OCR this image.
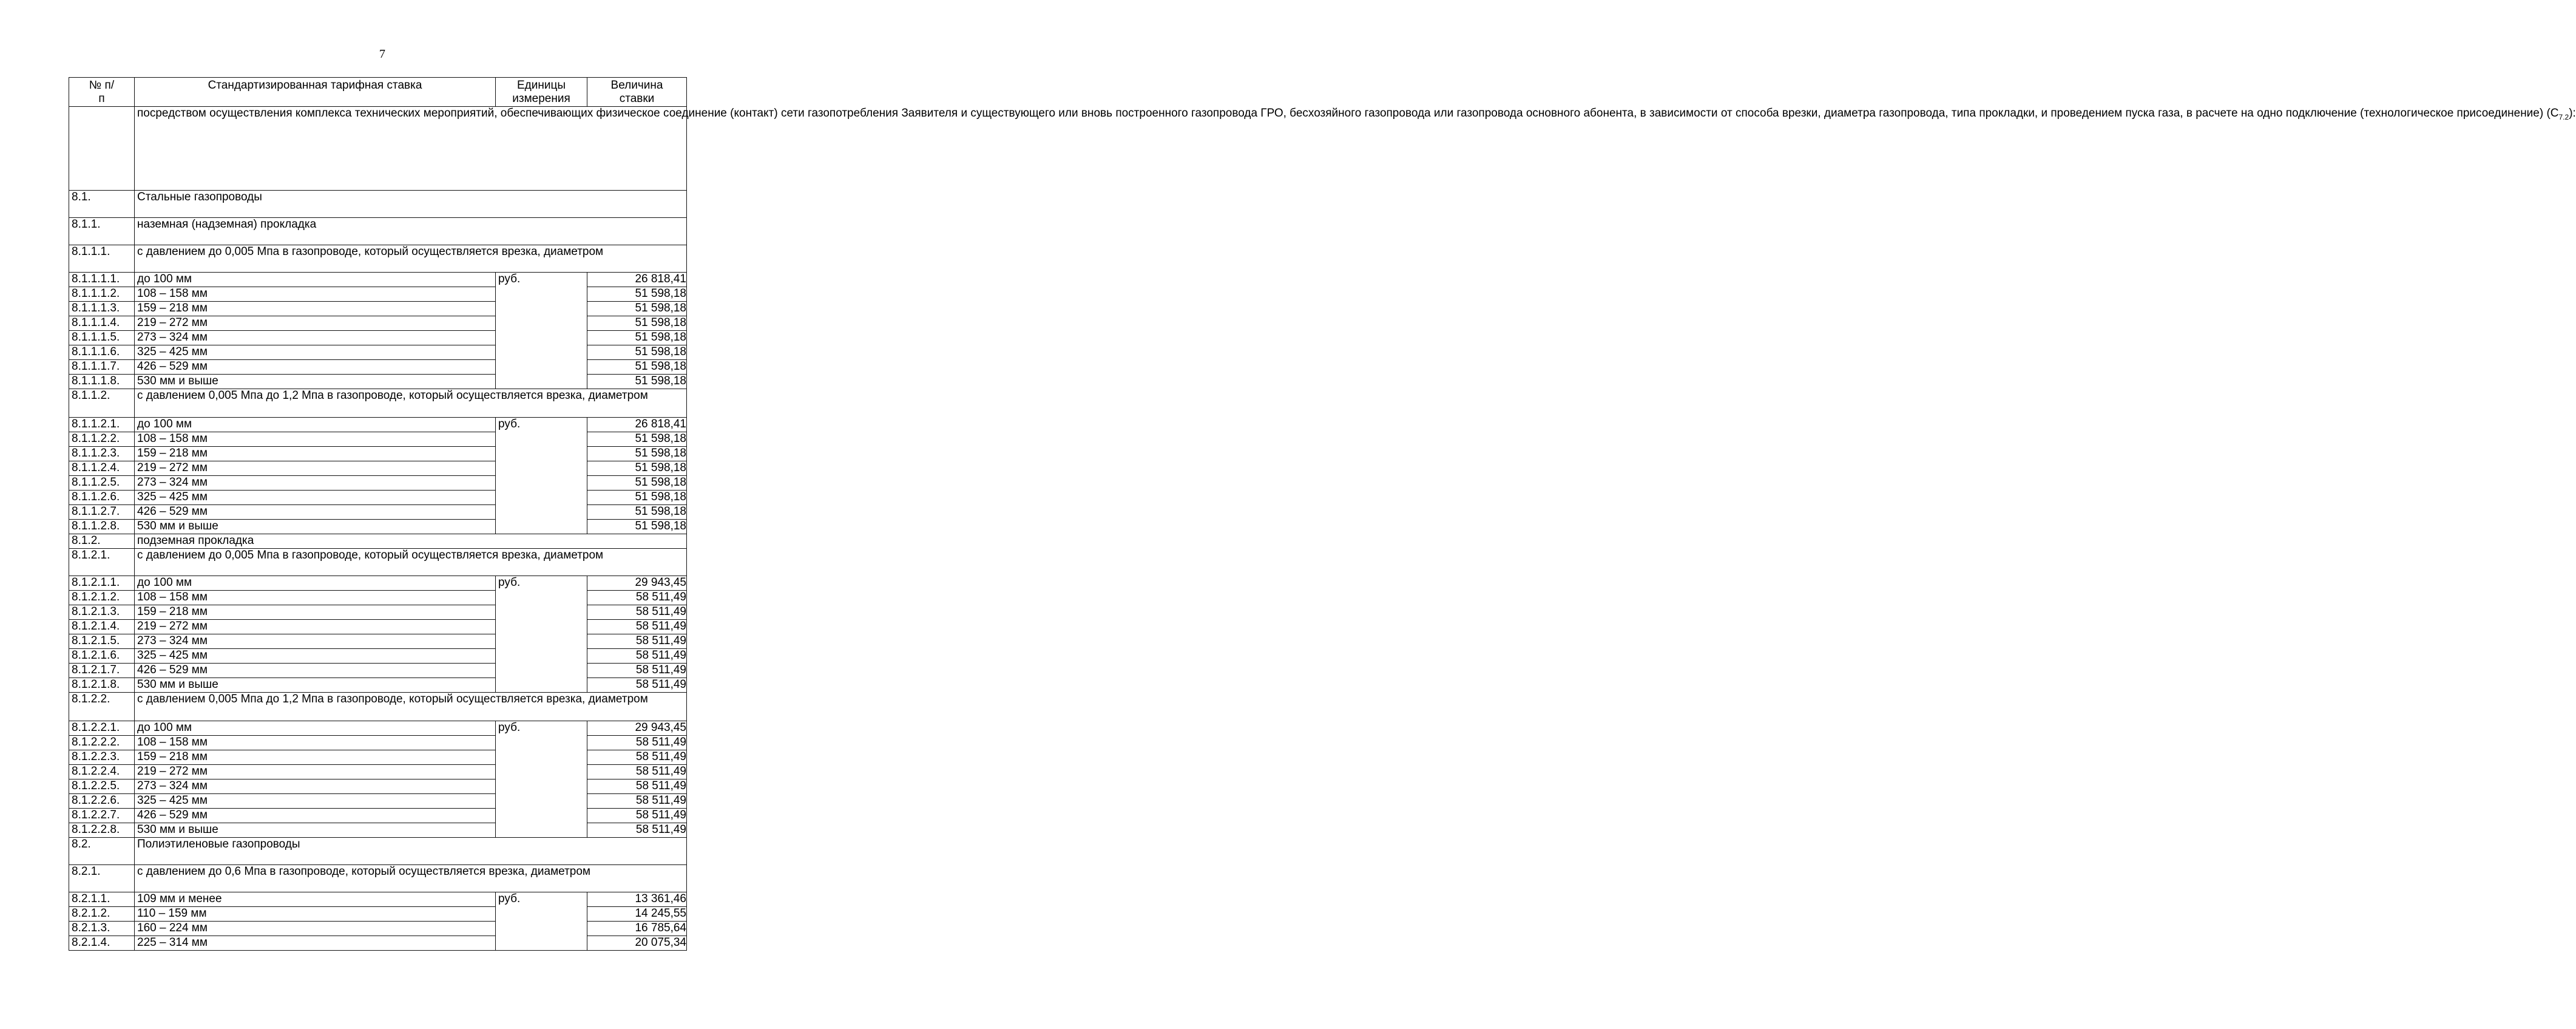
7
№ п/п	Стандартизированная тарифная ставка	Единицы измерения	Величина ставки
	посредством осуществления комплекса технических мероприятий, обеспечивающих физическое соединение (контакт) сети газопотребления Заявителя и существующего или вновь построенного газопровода ГРО, бесхозяйного газопровода или газопровода основного абонента, в зависимости от способа врезки, диаметра газопровода, типа прокладки, и проведением пуска газа, в расчете на одно подключение (технологическое присоединение) $(C_{7.2})$:		
8.1.	Стальные газопроводы		
8.1.1.	наземная (надземная) прокладка		
8.1.1.1.	с давлением до 0,005 Мпа в газопроводе, который осуществляется врезка, диаметром		
8.1.1.1.1.	до 100 мм	руб.	26 818,41
8.1.1.1.2.	108 – 158 мм		51 598,18
8.1.1.1.3.	159 – 218 мм		51 598,18
8.1.1.1.4.	219 – 272 мм		51 598,18
8.1.1.1.5.	273 – 324 мм		51 598,18
8.1.1.1.6.	325 – 425 мм		51 598,18
8.1.1.1.7.	426 – 529 мм		51 598,18
8.1.1.1.8.	530 мм и выше		51 598,18
8.1.1.2.	с давлением 0,005 Мпа до 1,2 Мпа в газопроводе, который осуществляется врезка, диаметром		
8.1.1.2.1.	до 100 мм	руб.	26 818,41
8.1.1.2.2.	108 – 158 мм		51 598,18
8.1.1.2.3.	159 – 218 мм		51 598,18
8.1.1.2.4.	219 – 272 мм		51 598,18
8.1.1.2.5.	273 – 324 мм		51 598,18
8.1.1.2.6.	325 – 425 мм		51 598,18
8.1.1.2.7.	426 – 529 мм		51 598,18
8.1.1.2.8.	530 мм и выше		51 598,18
8.1.2.	подземная прокладка		
8.1.2.1.	с давлением до 0,005 Мпа в газопроводе, который осуществляется врезка, диаметром		
8.1.2.1.1.	до 100 мм	руб.	29 943,45
8.1.2.1.2.	108 – 158 мм		58 511,49
8.1.2.1.3.	159 – 218 мм		58 511,49
8.1.2.1.4.	219 – 272 мм		58 511,49
8.1.2.1.5.	273 – 324 мм		58 511,49
8.1.2.1.6.	325 – 425 мм		58 511,49
8.1.2.1.7.	426 – 529 мм		58 511,49
8.1.2.1.8.	530 мм и выше		58 511,49
8.1.2.2.	с давлением 0,005 Мпа до 1,2 Мпа в газопроводе, который осуществляется врезка, диаметром		
8.1.2.2.1.	до 100 мм	руб.	29 943,45
8.1.2.2.2.	108 – 158 мм		58 511,49
8.1.2.2.3.	159 – 218 мм		58 511,49
8.1.2.2.4.	219 – 272 мм		58 511,49
8.1.2.2.5.	273 – 324 мм		58 511,49
8.1.2.2.6.	325 – 425 мм		58 511,49
8.1.2.2.7.	426 – 529 мм		58 511,49
8.1.2.2.8.	530 мм и выше		58 511,49
8.2.	Полиэтиленовые газопроводы		
8.2.1.	с давлением до 0,6 Мпа в газопроводе, который осуществляется врезка, диаметром		
8.2.1.1.	109 мм и менее	руб.	13 361,46
8.2.1.2.	110 – 159 мм		14 245,55
8.2.1.3.	160 – 224 мм		16 785,64
8.2.1.4.	225 – 314 мм		20 075,34
